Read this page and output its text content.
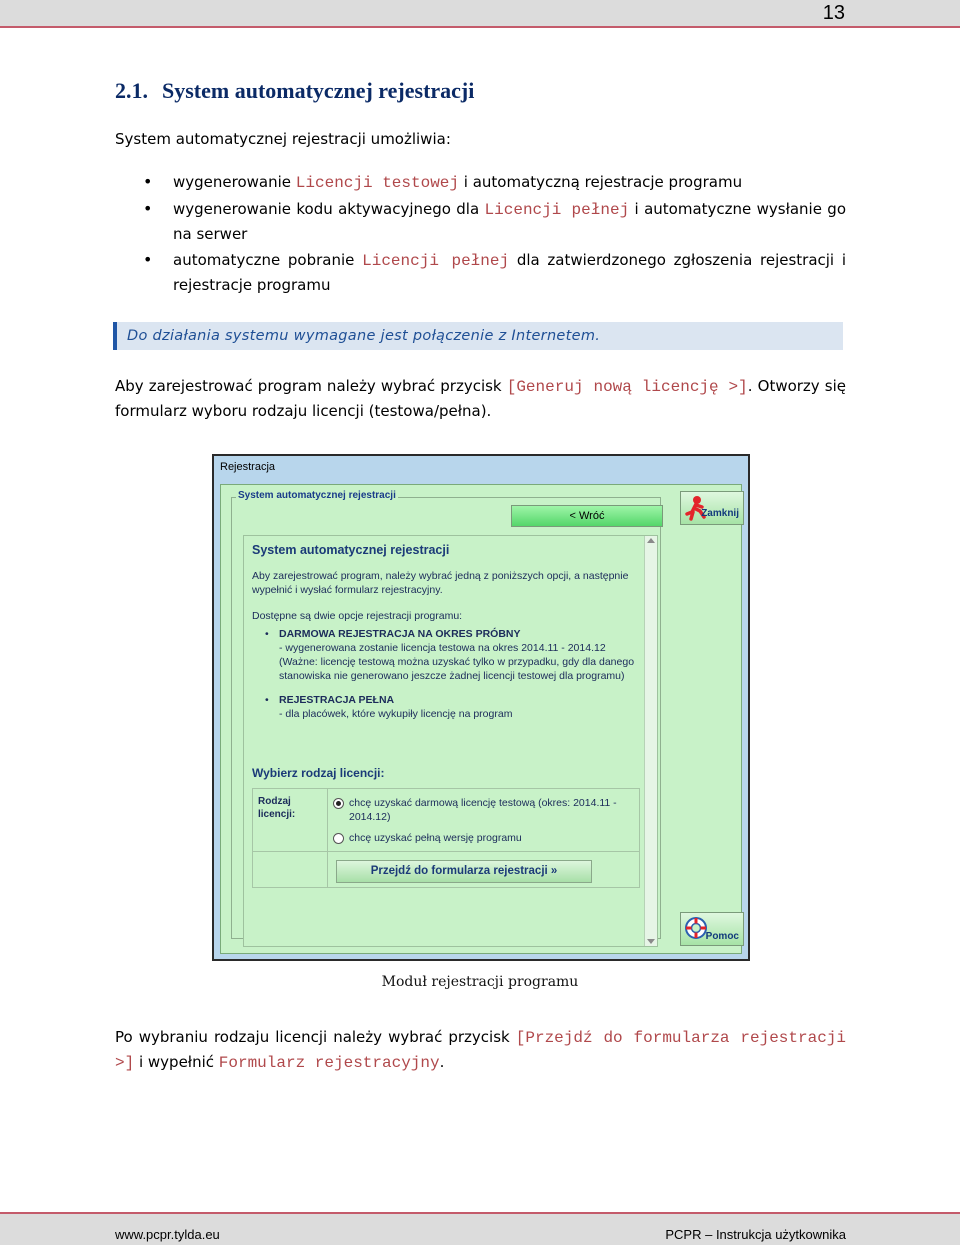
13
2.1. System automatycznej rejestracji
System automatycznej rejestracji umożliwia:
• wygenerowanie Licencji testowej i automatyczną rejestracje programu
• wygenerowanie kodu aktywacyjnego dla Licencji pełnej i automatyczne wysłanie go na serwer
• automatyczne pobranie Licencji pełnej dla zatwierdzonego zgłoszenia rejestracji i rejestracje programu
Do działania systemu wymagane jest połączenie z Internetem.
Aby zarejestrować program należy wybrać przycisk [Generuj nową licencję >]. Otworzy się formularz wyboru rodzaju licencji (testowa/pełna).
Rejestracja
System automatycznej rejestracji
< Wróć	Zamknij
System automatycznej rejestracji
Aby zarejestrować program, należy wybrać jedną z poniższych opcji, a następnie wypełnić i wysłać formularz rejestracyjny.
Dostępne są dwie opcje rejestracji programu:
• DARMOWA REJESTRACJA NA OKRES PRÓBNY
- wygenerowana zostanie licencja testowa na okres 2014.11 - 2014.12
(Ważne: licencję testową można uzyskać tylko w przypadku, gdy dla danego stanowiska nie generowano jeszcze żadnej licencji testowej dla programu)
• REJESTRACJA PEŁNA
- dla placówek, które wykupiły licencję na program
Wybierz rodzaj licencji:
Rodzaj licencji:
chcę uzyskać darmową licencję testową (okres: 2014.11 - 2014.12)
chcę uzyskać pełną wersję programu
Przejdź do formularza rejestracji »
Pomoc
Moduł rejestracji programu
Po wybraniu rodzaju licencji należy wybrać przycisk [Przejdź do formularza rejestracji >] i wypełnić Formularz rejestracyjny.
www.pcpr.tylda.eu	PCPR – Instrukcja użytkownika
